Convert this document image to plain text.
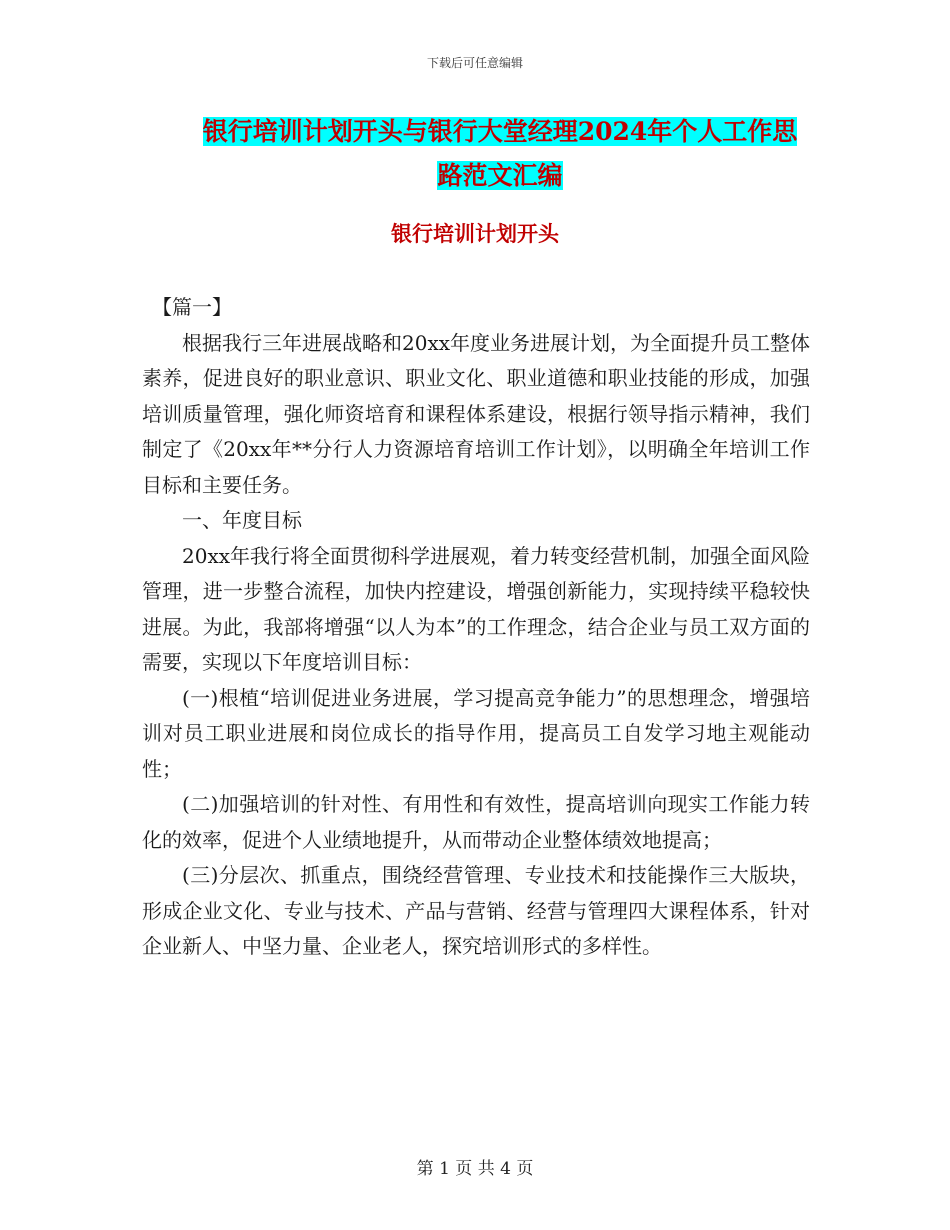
下载后可任意编辑
银行培训计划开头与银行大堂经理2024年个人工作思
路范文汇编
银行培训计划开头

【篇一】

根据我行三年进展战略和20xx年度业务进展计划，为全面提升员工整体素养，促进良好的职业意识、职业文化、职业道德和职业技能的形成，加强培训质量管理，强化师资培育和课程体系建设，根据行领导指示精神，我们制定了《20xx年**分行人力资源培育培训工作计划》，以明确全年培训工作目标和主要任务。

一、年度目标

20xx年我行将全面贯彻科学进展观，着力转变经营机制，加强全面风险管理，进一步整合流程，加快内控建设，增强创新能力，实现持续平稳较快进展。为此，我部将增强“以人为本”的工作理念，结合企业与员工双方面的需要，实现以下年度培训目标：

(一)根植“培训促进业务进展，学习提高竞争能力”的思想理念，增强培训对员工职业进展和岗位成长的指导作用，提高员工自发学习地主观能动性；

(二)加强培训的针对性、有用性和有效性，提高培训向现实工作能力转化的效率，促进个人业绩地提升，从而带动企业整体绩效地提高；

(三)分层次、抓重点，围绕经营管理、专业技术和技能操作三大版块，形成企业文化、专业与技术、产品与营销、经营与管理四大课程体系，针对企业新人、中坚力量、企业老人，探究培训形式的多样性。

第 1 页 共 4 页
